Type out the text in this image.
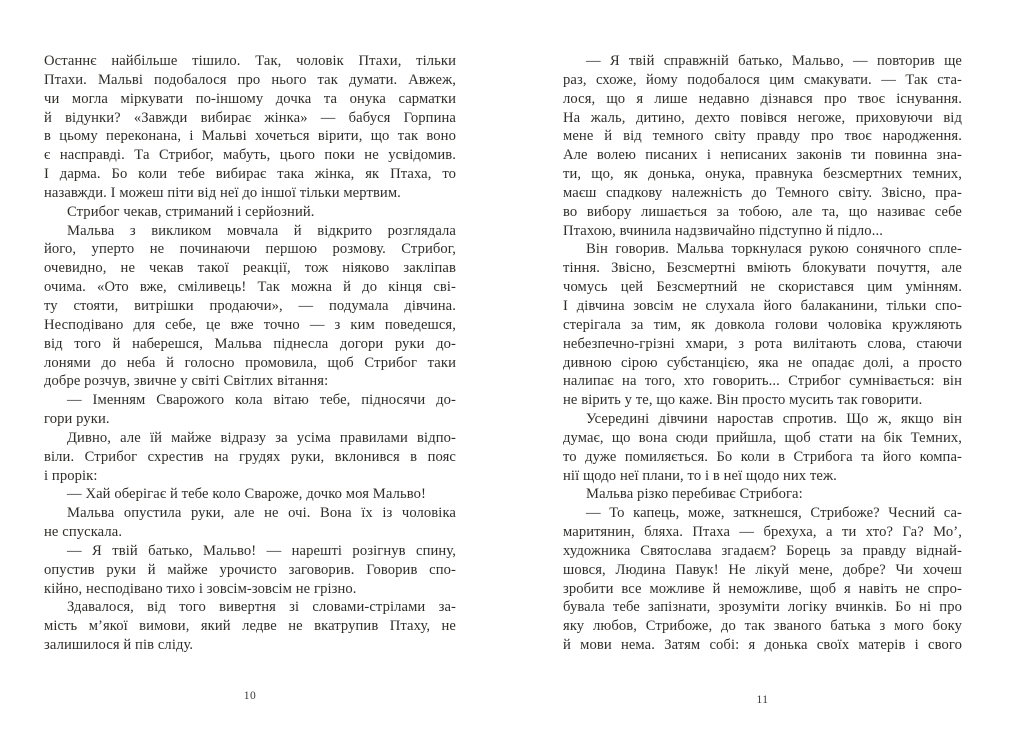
Останнє найбільше тішило. Так, чоловік Птахи, тільки
Птахи. Мальві подобалося про нього так думати. Авжеж,
чи могла міркувати по-іншому дочка та онука сарматки
й відунки? «Завжди вибирає жінка» — бабуся Горпина
в цьому переконана, і Мальві хочеться вірити, що так воно
є насправді. Та Стрибог, мабуть, цього поки не усвідомив.
І дарма. Бо коли тебе вибирає така жінка, як Птаха, то
назавжди. І можеш піти від неї до іншої тільки мертвим.
Стрибог чекав, стриманий і серйозний.
Мальва з викликом мовчала й відкрито розглядала
його, уперто не починаючи першою розмову. Стрибог,
очевидно, не чекав такої реакції, тож ніяково закліпав
очима. «Ото вже, сміливець! Так можна й до кінця сві-
ту стояти, витрішки продаючи», — подумала дівчина.
Несподівано для себе, це вже точно — з ким поведешся,
від того й наберешся, Мальва піднесла догори руки до-
лонями до неба й голосно промовила, щоб Стрибог таки
добре розчув, звичне у світі Світлих вітання:
— Іменням Сварожого кола вітаю тебе, підносячи до-
гори руки.
Дивно, але їй майже відразу за усіма правилами відпо-
віли. Стрибог схрестив на грудях руки, вклонився в пояс
і прорік:
— Хай оберігає й тебе коло Свароже, дочко моя Мальво!
Мальва опустила руки, але не очі. Вона їх із чоловіка
не спускала.
— Я твій батько, Мальво! — нарешті розігнув спину,
опустив руки й майже урочисто заговорив. Говорив спо-
кійно, несподівано тихо і зовсім-зовсім не грізно.
Здавалося, від того вивертня зі словами-стрілами за-
мість м’якої вимови, який ледве не вкатрупив Птаху, не
залишилося й пів сліду.
10
— Я твій справжній батько, Мальво, — повторив ще
раз, схоже, йому подобалося цим смакувати. — Так ста-
лося, що я лише недавно дізнався про твоє існування.
На жаль, дитино, дехто повівся негоже, приховуючи від
мене й від темного світу правду про твоє народження.
Але волею писаних і неписаних законів ти повинна зна-
ти, що, як донька, онука, правнука безсмертних темних,
маєш спадкову належність до Темного світу. Звісно, пра-
во вибору лишається за тобою, але та, що називає себе
Птахою, вчинила надзвичайно підступно й підло...
Він говорив. Мальва торкнулася рукою сонячного спле-
тіння. Звісно, Безсмертні вміють блокувати почуття, але
чомусь цей Безсмертний не скористався цим умінням.
І дівчина зовсім не слухала його балаканини, тільки спо-
стерігала за тим, як довкола голови чоловіка кружляють
небезпечно-грізні хмари, з рота вилітають слова, стаючи
дивною сірою субстанцією, яка не опадає долі, а просто
налипає на того, хто говорить... Стрибог сумнівається: він
не вірить у те, що каже. Він просто мусить так говорити.
Усередині дівчини наростав спротив. Що ж, якщо він
думає, що вона сюди прийшла, щоб стати на бік Темних,
то дуже помиляється. Бо коли в Стрибога та його компа-
нії щодо неї плани, то і в неї щодо них теж.
Мальва різко перебиває Стрибога:
— То капець, може, заткнешся, Стрибоже? Чесний са-
маритянин, бляха. Птаха — брехуха, а ти хто? Га? Мо’,
художника Святослава згадаєм? Борець за правду віднай-
шовся, Людина Павук! Не лікуй мене, добре? Чи хочеш
зробити все можливе й неможливе, щоб я навіть не спро-
бувала тебе запізнати, зрозуміти логіку вчинків. Бо ні про
яку любов, Стрибоже, до так званого батька з мого боку
й мови нема. Затям собі: я донька своїх матерів і свого
11
